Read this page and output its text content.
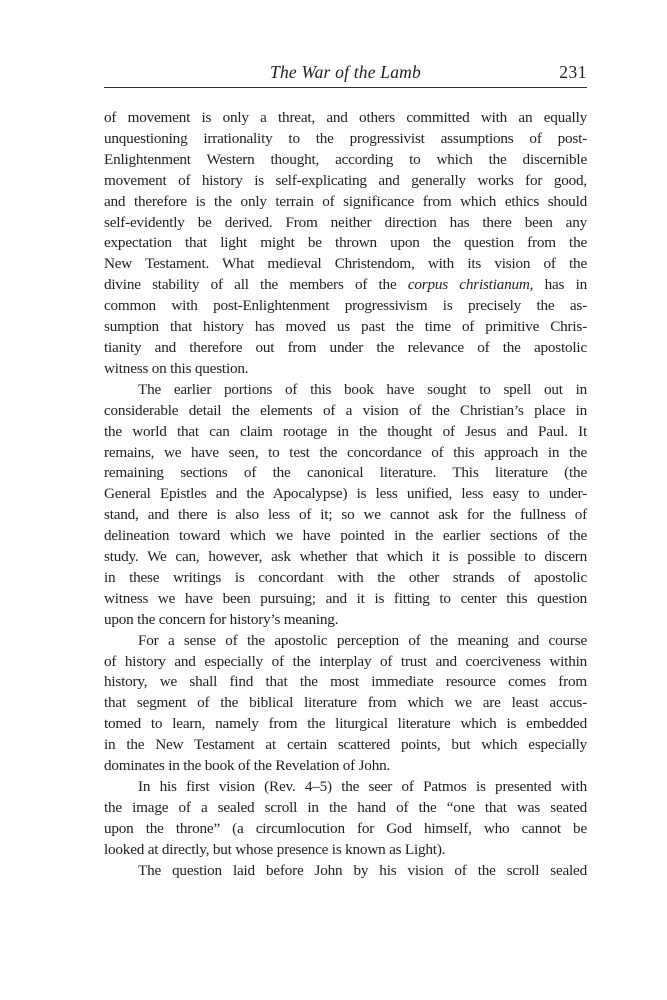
The War of the Lamb	231
of movement is only a threat, and others committed with an equally
unquestioning irrationality to the progressivist assumptions of post-
Enlightenment Western thought, according to which the discernible
movement of history is self-explicating and generally works for good,
and therefore is the only terrain of significance from which ethics should
self-evidently be derived. From neither direction has there been any
expectation that light might be thrown upon the question from the
New Testament. What medieval Christendom, with its vision of the
divine stability of all the members of the corpus christianum, has in
common with post-Enlightenment progressivism is precisely the as-
sumption that history has moved us past the time of primitive Chris-
tianity and therefore out from under the relevance of the apostolic
witness on this question.
The earlier portions of this book have sought to spell out in
considerable detail the elements of a vision of the Christian’s place in
the world that can claim rootage in the thought of Jesus and Paul. It
remains, we have seen, to test the concordance of this approach in the
remaining sections of the canonical literature. This literature (the
General Epistles and the Apocalypse) is less unified, less easy to under-
stand, and there is also less of it; so we cannot ask for the fullness of
delineation toward which we have pointed in the earlier sections of the
study. We can, however, ask whether that which it is possible to discern
in these writings is concordant with the other strands of apostolic
witness we have been pursuing; and it is fitting to center this question
upon the concern for history’s meaning.
For a sense of the apostolic perception of the meaning and course
of history and especially of the interplay of trust and coerciveness within
history, we shall find that the most immediate resource comes from
that segment of the biblical literature from which we are least accus-
tomed to learn, namely from the liturgical literature which is embedded
in the New Testament at certain scattered points, but which especially
dominates in the book of the Revelation of John.
In his first vision (Rev. 4–5) the seer of Patmos is presented with
the image of a sealed scroll in the hand of the “one that was seated
upon the throne” (a circumlocution for God himself, who cannot be
looked at directly, but whose presence is known as Light).
The question laid before John by his vision of the scroll sealed
